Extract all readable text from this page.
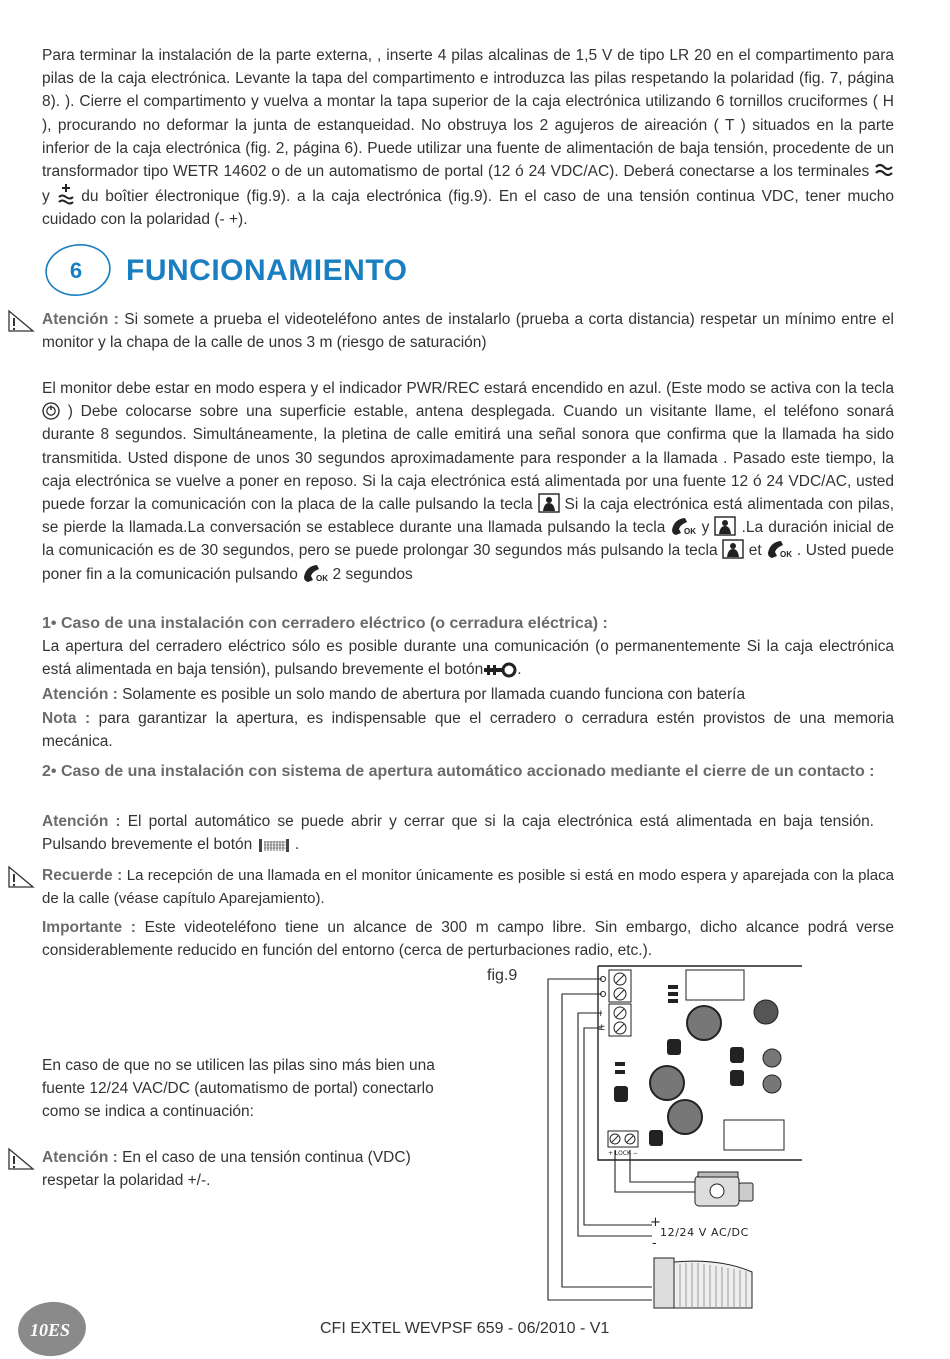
Para terminar la instalación de la parte externa, , inserte 4 pilas alcalinas de 1,5 V de tipo LR 20 en el compartimento para pilas de la caja electrónica. Levante la tapa del compartimento e introduzca las pilas respetando la polaridad (fig. 7, página 8). ). Cierre el compartimento y vuelva a montar la tapa superior de la caja electrónica utilizando 6 tornillos cruciformes ( H ), procurando no deformar la junta de estanqueidad. No obstruya los 2 agujeros de aireación ( T ) situados en la parte inferior de la caja electrónica (fig. 2, página 6). Puede utilizar una fuente de alimentación de baja tensión, procedente de un transformador tipo WETR 14602 o de un automatismo de portal (12 ó 24 VDC/AC). Deberá conectarse a los terminales  y du boîtier électronique (fig.9). a la caja electrónica (fig.9). En el caso de una tensión continua VDC, tener mucho cuidado con la polaridad (- +).

6 FUNCIONAMIENTO

Atención : Si somete a prueba el videoteléfono antes de instalarlo (prueba a corta distancia) respetar un mínimo entre el monitor y la chapa de la calle de unos 3 m (riesgo de saturación)

El monitor debe estar en modo espera y el indicador PWR/REC estará encendido en azul. (Este modo se activa con la tecla  ) Debe colocarse sobre una superficie estable, antena desplegada. Cuando un visitante llame, el teléfono sonará durante 8 segundos. Simultáneamente, la pletina de calle emitirá una señal sonora que confirma que la llamada ha sido transmitida. Usted dispone de unos 30 segundos aproximadamente para responder a la llamada . Pasado este tiempo, la caja electrónica se vuelve a poner en reposo. Si la caja electrónica está alimentada por una fuente 12 ó 24 VDC/AC, usted puede forzar la comunicación con la placa de la calle pulsando la tecla Si la caja electrónica está alimentada con pilas, se pierde la llamada.La conversación se establece durante una llamada pulsando la tecla OK y .La duración inicial de la comunicación es de 30 segundos, pero se puede prolongar 30 segundos más pulsando la tecla et OK . Usted puede poner fin a la comunicación pulsando OK 2 segundos

1• Caso de una instalación con cerradero eléctrico (o cerradura eléctrica) :

La apertura del cerradero eléctrico sólo es posible durante una comunicación (o permanentemente Si la caja electrónica está alimentada en baja tensión), pulsando brevemente el botón .

Atención : Solamente es posible un solo mando de abertura por llamada cuando funciona con batería

Nota : para garantizar la apertura, es indispensable que el cerradero o cerradura estén provistos de una memoria mecánica.

2• Caso de una instalación con sistema de apertura automático accionado mediante el cierre de un contacto :

Atención : El portal automático se puede abrir y cerrar que si la caja electrónica está alimentada en baja tensión. Pulsando brevemente el botón	.

Recuerde : La recepción de una llamada en el monitor únicamente es posible si está en modo espera y aparejada con la placa de la calle (véase capítulo Aparejamiento).

Importante : Este videoteléfono tiene un alcance de 300 m campo libre. Sin embargo, dicho alcance podrá verse considerablemente reducido en función del entorno (cerca de perturbaciones radio, etc.).

En caso de que no se utilicen las pilas sino más bien una fuente 12/24 VAC/DC (automatismo de portal) conectarlo como se indica a continuación:

Atención : En el caso de una tensión continua (VDC) respetar la polaridad +/-.

fig.9
≀
±
+ LOCK −
+
-
12/24 V AC/DC
10ES	CFI EXTEL WEVPSF 659 - 06/2010 - V1
